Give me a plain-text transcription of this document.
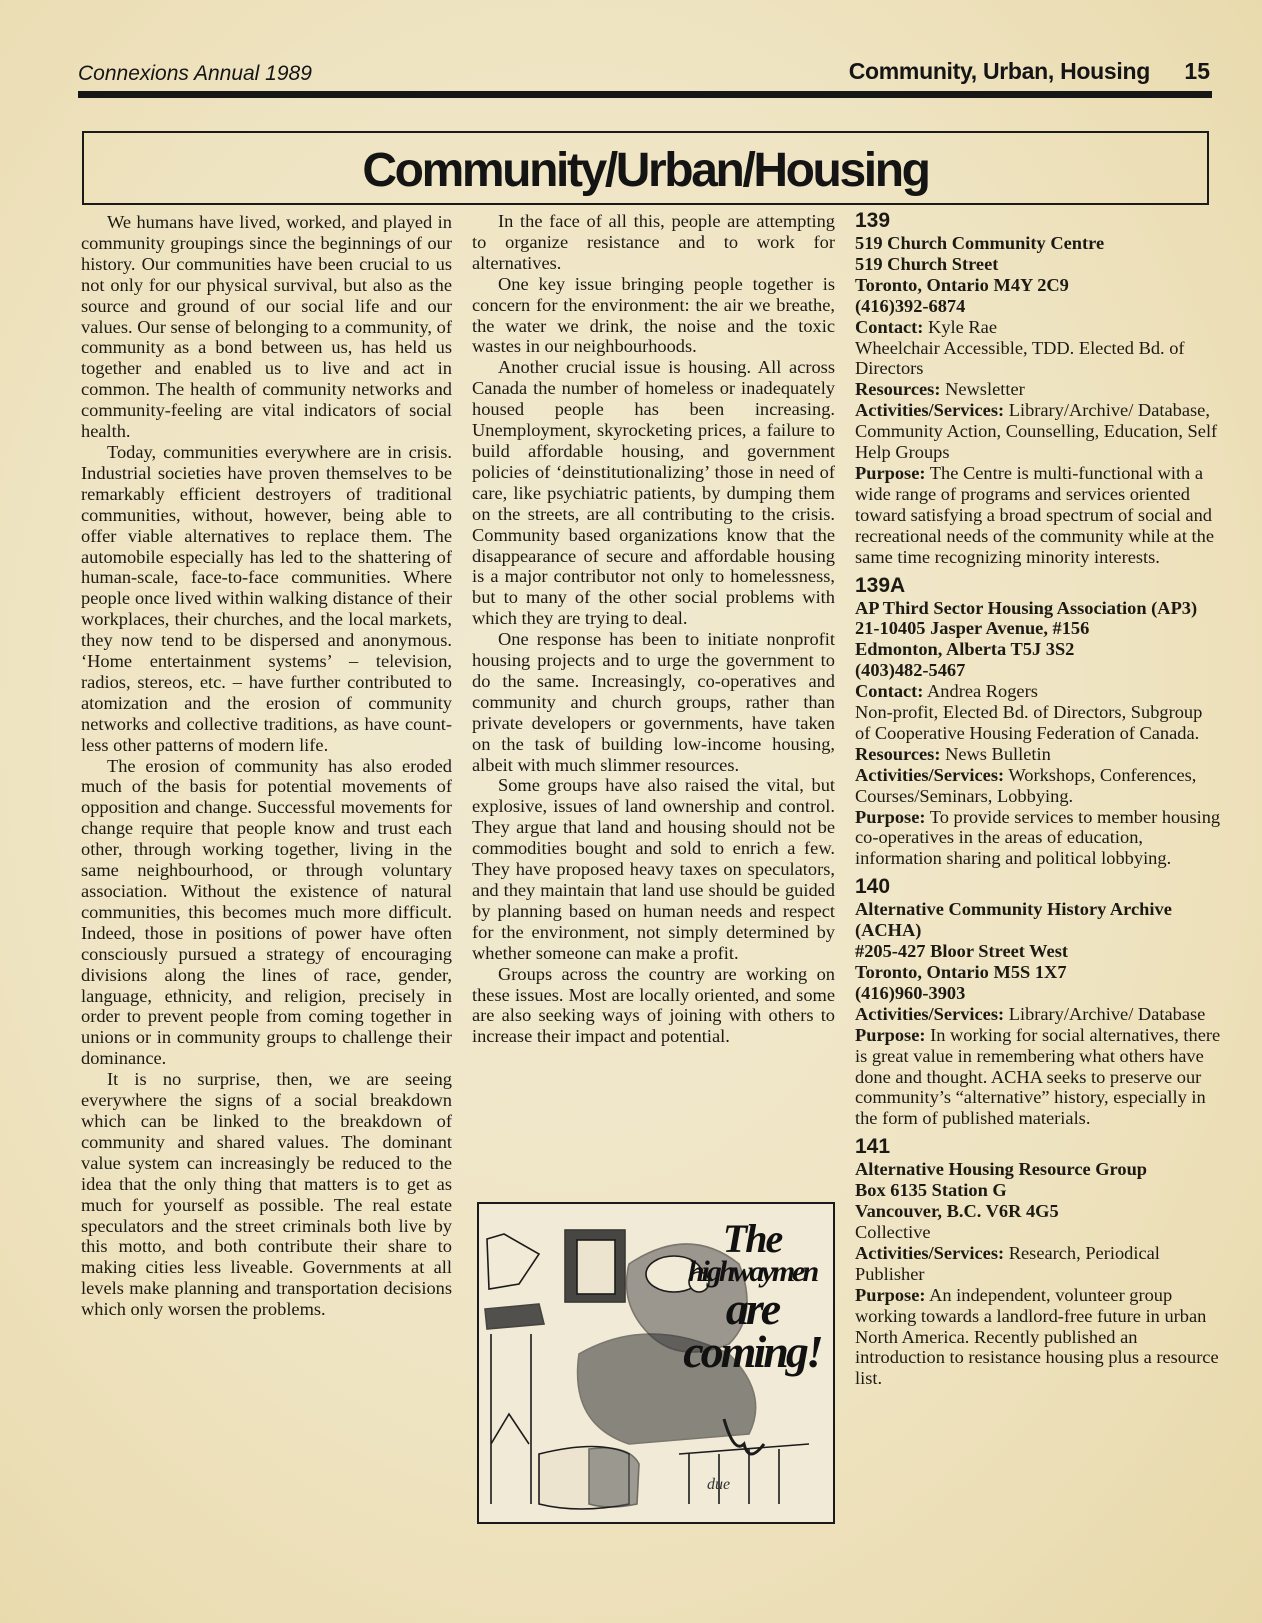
Connexions Annual 1989	Community, Urban, Housing 15
Community/Urban/Housing

We humans have lived, worked, and played in community groupings since the beginnings of our history. Our communities have been crucial to us not only for our physical survival, but also as the source and ground of our social life and our values. Our sense of belonging to a community, of community as a bond between us, has held us together and enabled us to live and act in common. The health of community networks and community-feeling are vital indicators of social health.

Today, communities everywhere are in crisis. Industrial societies have proven themselves to be remarkably efficient destroyers of traditional communities, without, however, being able to offer viable alternatives to replace them. The automobile especially has led to the shattering of human-scale, face-to-face communities. Where people once lived within walking distance of their workplaces, their churches, and the local markets, they now tend to be dispersed and anonymous. ‘Home entertainment systems’ – television, radios, stereos, etc. – have further contributed to atomization and the erosion of community networks and collective traditions, as have countless other patterns of modern life.

The erosion of community has also eroded much of the basis for potential movements of opposition and change. Successful movements for change require that people know and trust each other, through working together, living in the same neighbourhood, or through voluntary association. Without the existence of natural communities, this becomes much more difficult. Indeed, those in positions of power have often consciously pursued a strategy of encouraging divisions along the lines of race, gender, language, ethnicity, and religion, precisely in order to prevent people from coming together in unions or in community groups to challenge their dominance.

It is no surprise, then, we are seeing everywhere the signs of a social breakdown which can be linked to the breakdown of community and shared values. The dominant value system can increasingly be reduced to the idea that the only thing that matters is to get as much for yourself as possible. The real estate speculators and the street criminals both live by this motto, and both contribute their share to making cities less liveable. Governments at all levels make planning and transportation decisions which only worsen the problems.

In the face of all this, people are attempting to organize resistance and to work for alternatives.

One key issue bringing people together is concern for the environment: the air we breathe, the water we drink, the noise and the toxic wastes in our neighbourhoods.

Another crucial issue is housing. All across Canada the number of homeless or inadequately housed people has been increasing. Unemployment, skyrocketing prices, a failure to build affordable housing, and government policies of ‘deinstitutionalizing’ those in need of care, like psychiatric patients, by dumping them on the streets, are all contributing to the crisis. Community based organizations know that the disappearance of secure and affordable housing is a major contributor not only to homelessness, but to many of the other social problems with which they are trying to deal.

One response has been to initiate nonprofit housing projects and to urge the government to do the same. Increasingly, co-operatives and community and church groups, rather than private developers or governments, have taken on the task of building low-income housing, albeit with much slimmer resources.

Some groups have also raised the vital, but explosive, issues of land ownership and control. They argue that land and housing should not be commodities bought and sold to enrich a few. They have proposed heavy taxes on speculators, and they maintain that land use should be guided by planning based on human needs and respect for the environment, not simply determined by whether someone can make a profit.

Groups across the country are working on these issues. Most are locally oriented, and some are also seeking ways of joining with others to increase their impact and potential.

The
highwaymen
are
coming!
due
139
519 Church Community Centre
519 Church Street
Toronto, Ontario M4Y 2C9
(416)392-6874
Contact: Kyle Rae
Wheelchair Accessible, TDD. Elected Bd. of Directors
Resources: Newsletter
Activities/Services: Library/Archive/ Database, Community Action, Counselling, Education, Self Help Groups
Purpose: The Centre is multi-functional with a wide range of programs and services oriented toward satisfying a broad spectrum of social and recreational needs of the community while at the same time recognizing minority interests.
139A
AP Third Sector Housing Association (AP3)
21-10405 Jasper Avenue, #156
Edmonton, Alberta T5J 3S2
(403)482-5467
Contact: Andrea Rogers
Non-profit, Elected Bd. of Directors, Subgroup of Cooperative Housing Federation of Canada.
Resources: News Bulletin
Activities/Services: Workshops, Conferences, Courses/Seminars, Lobbying.
Purpose: To provide services to member housing co-operatives in the areas of education, information sharing and political lobbying.
140
Alternative Community History Archive (ACHA)
#205-427 Bloor Street West
Toronto, Ontario M5S 1X7
(416)960-3903
Activities/Services: Library/Archive/ Database
Purpose: In working for social alternatives, there is great value in remembering what others have done and thought. ACHA seeks to preserve our community’s “alternative” history, especially in the form of published materials.
141
Alternative Housing Resource Group
Box 6135 Station G
Vancouver, B.C. V6R 4G5
Collective
Activities/Services: Research, Periodical Publisher
Purpose: An independent, volunteer group working towards a landlord-free future in urban North America. Recently published an introduction to resistance housing plus a resource list.
